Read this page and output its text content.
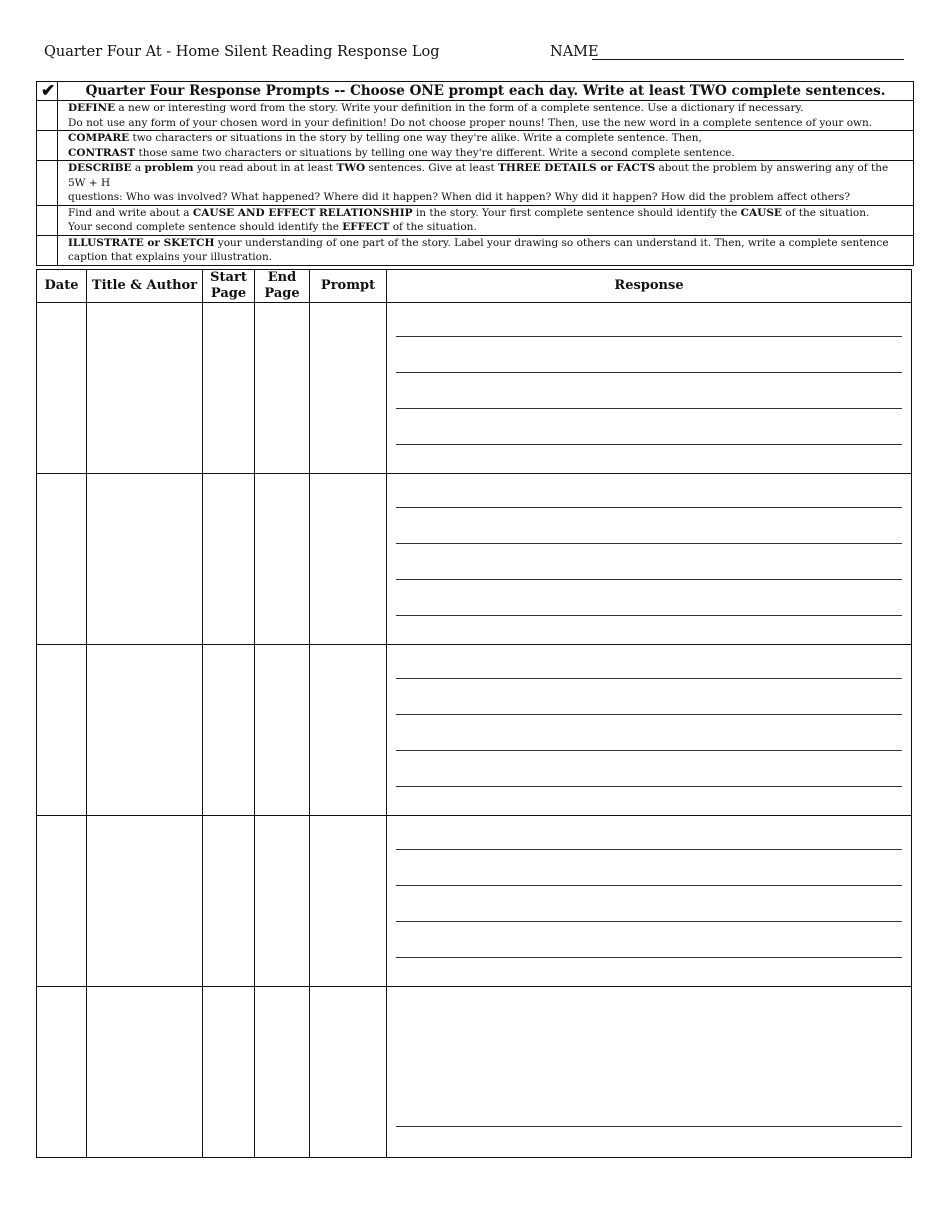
Quarter Four At - Home Silent Reading Response Log	NAME
✔	Quarter Four Response Prompts -- Choose ONE prompt each day. Write at least TWO complete sentences.

	DEFINE a new or interesting word from the story. Write your definition in the form of a complete sentence. Use a dictionary if necessary.
Do not use any form of your chosen word in your definition! Do not choose proper nouns! Then, use the new word in a complete sentence of your own.

	COMPARE two characters or situations in the story by telling one way they're alike. Write a complete sentence. Then,
CONTRAST those same two characters or situations by telling one way they're different. Write a second complete sentence.

	DESCRIBE a problem you read about in at least TWO sentences. Give at least THREE DETAILS or FACTS about the problem by answering any of the 5W + H
questions: Who was involved? What happened? Where did it happen? When did it happen? Why did it happen? How did the problem affect others?

	Find and write about a CAUSE AND EFFECT RELATIONSHIP in the story. Your first complete sentence should identify the CAUSE of the situation.
Your second complete sentence should identify the EFFECT of the situation.

	ILLUSTRATE or SKETCH your understanding of one part of the story. Label your drawing so others can understand it. Then, write a complete sentence
caption that explains your illustration.
Date	Title & Author	Start Page	End Page	Prompt	Response
